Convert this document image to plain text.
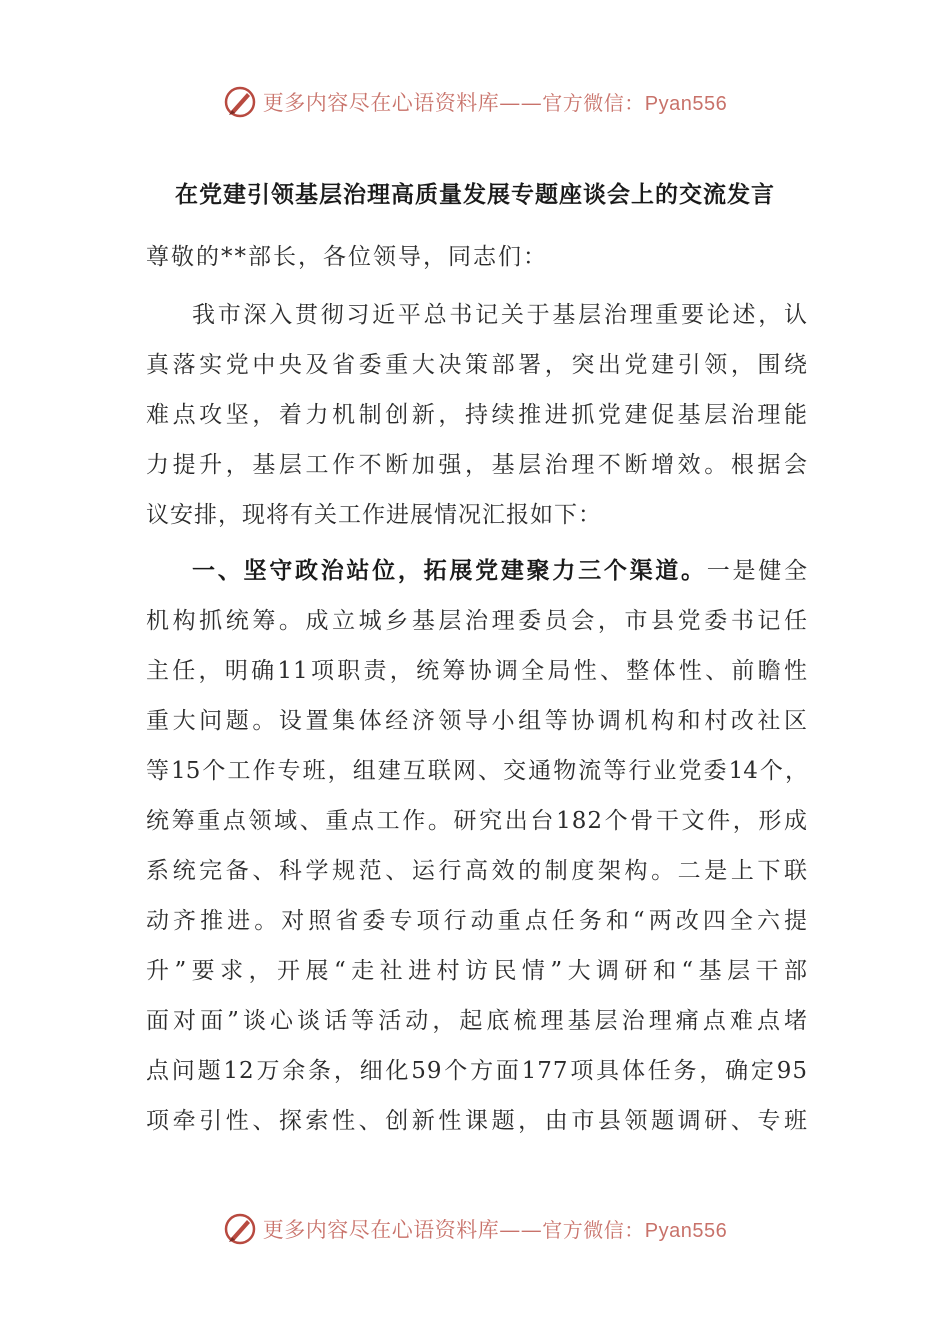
更多内容尽在心语资料库——官方微信：Pyan556
在党建引领基层治理高质量发展专题座谈会上的交流发言
尊敬的**部长，各位领导，同志们：
我市深入贯彻习近平总书记关于基层治理重要论述，认
真落实党中央及省委重大决策部署，突出党建引领，围绕
难点攻坚，着力机制创新，持续推进抓党建促基层治理能
力提升，基层工作不断加强，基层治理不断增效。根据会
议安排，现将有关工作进展情况汇报如下：
一、坚守政治站位，拓展党建聚力三个渠道。一是健全
机构抓统筹。成立城乡基层治理委员会，市县党委书记任
主任，明确11项职责，统筹协调全局性、整体性、前瞻性
重大问题。设置集体经济领导小组等协调机构和村改社区
等15个工作专班，组建互联网、交通物流等行业党委14个，
统筹重点领域、重点工作。研究出台182个骨干文件，形成
系统完备、科学规范、运行高效的制度架构。二是上下联
动齐推进。对照省委专项行动重点任务和“两改四全六提
升”要求，开展“走社进村访民情”大调研和“基层干部
面对面”谈心谈话等活动，起底梳理基层治理痛点难点堵
点问题12万余条，细化59个方面177项具体任务，确定95
项牵引性、探索性、创新性课题，由市县领题调研、专班
更多内容尽在心语资料库——官方微信：Pyan556
